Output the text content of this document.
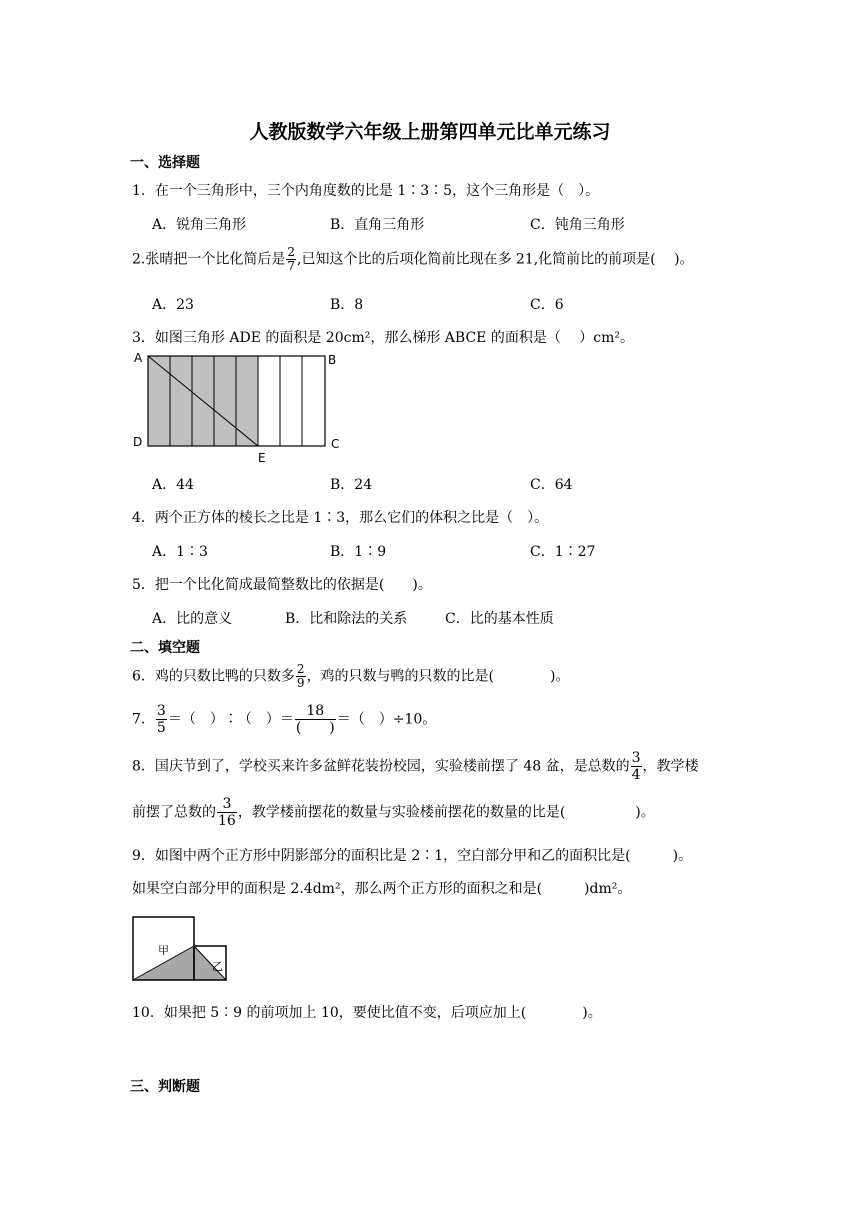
人教版数学六年级上册第四单元比单元练习
一、选择题
1．在一个三角形中，三个内角度数的比是 1∶3∶5，这个三角形是（　）。
A．锐角三角形	B．直角三角形	C．钝角三角形
2.张晴把一个比化简后是 $\frac{2}{7}$ ,已知这个比的后项化简前比现在多 21,化简前比的前项是(　 )。
A．23	B．8	C．6
3．如图三角形 ADE 的面积是 20cm²，那么梯形 ABCE 的面积是（　 ）cm²。
A	B
D	C
E
A．44	B．24	C．64
4．两个正方体的棱长之比是 1∶3，那么它们的体积之比是（　）。
A．1∶3	B．1∶9	C．1∶27
5．把一个比化简成最简整数比的依据是(　　)。
A．比的意义	B．比和除法的关系	C．比的基本性质
二、填空题
6．鸡的只数比鸭的只数多 $\frac{2}{9}$ ，鸡的只数与鸭的只数的比是(　　　　)。
7． $\frac{3}{5}$ ＝（　）∶（　）＝ $\frac{18}{( )}$ ＝（　）÷10。
8．国庆节到了，学校买来许多盆鲜花装扮校园，实验楼前摆了 48 盆，是总数的 $\frac{3}{4}$ ，教学楼
前摆了总数的 $\frac{3}{16}$ ，教学楼前摆花的数量与实验楼前摆花的数量的比是(　　　　　)。
9．如图中两个正方形中阴影部分的面积比是 2∶1，空白部分甲和乙的面积比是(　　　)。
如果空白部分甲的面积是 2.4dm²，那么两个正方形的面积之和是(　　　)dm²。
甲
乙
10．如果把 5∶9 的前项加上 10，要使比值不变，后项应加上(　　　　)。
三、判断题
